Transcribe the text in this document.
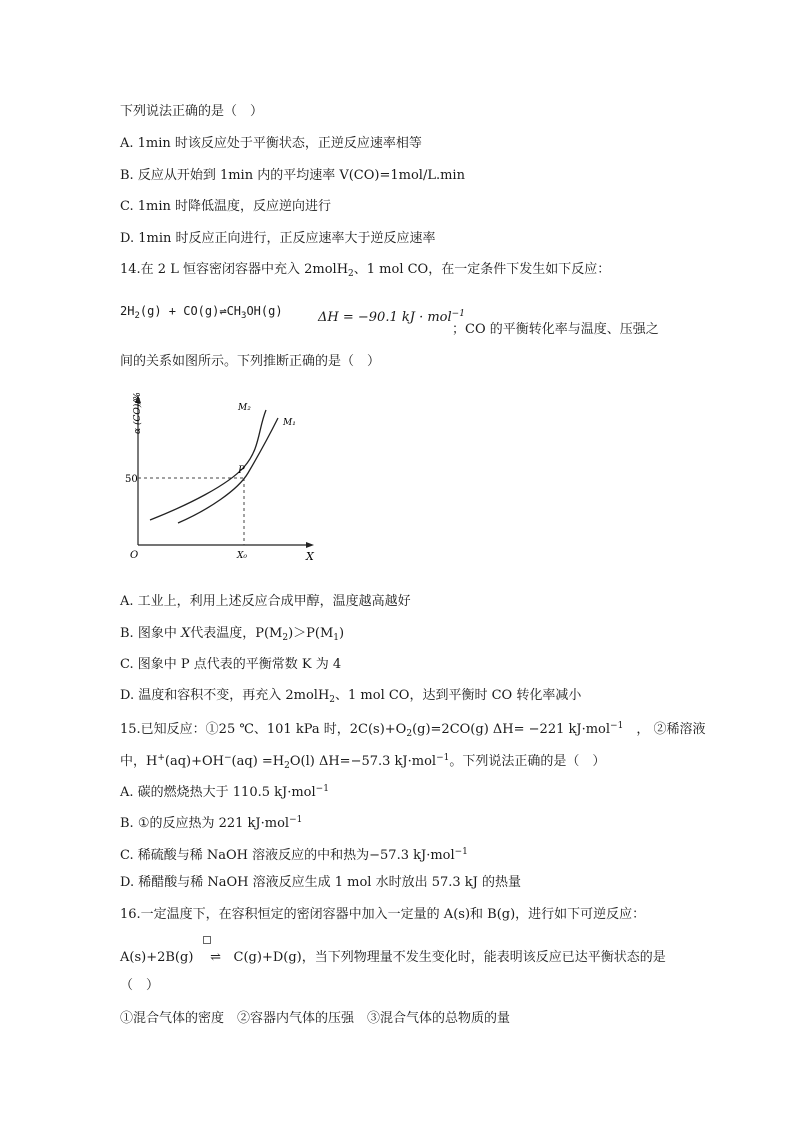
下列说法正确的是（　）
A. 1min 时该反应处于平衡状态，正逆反应速率相等
B. 反应从开始到 1min 内的平均速率 V(CO)=1mol/L.min
C. 1min 时降低温度，反应逆向进行
D. 1min 时反应正向进行，正反应速率大于逆反应速率
14.在 2 L 恒容密闭容器中充入 2molH$_2$、1 mol CO，在一定条件下发生如下反应：
$2H_2(g)$ + $CO(g)\rightleftharpoons CH_3OH(g)$	ΔH = −90.1 kJ · mol$^{-1}$
；CO 的平衡转化率与温度、压强之
间的关系如图所示。下列推断正确的是（　）
α (CO)/%
50
O	X
X₀
P
M₂
M₁
A. 工业上，利用上述反应合成甲醇，温度越高越好
B. 图象中 X代表温度，$P(M_2)>P(M_1)$
C. 图象中 P 点代表的平衡常数 K 为 4
D. 温度和容积不变，再充入 2molH$_2$、1 mol CO，达到平衡时 CO 转化率减小
15.已知反应：①25 ℃、101 kPa 时，$2C(s)+O_2(g)=2CO(g)$ ΔH= −221 kJ·mol$^{-1}$　， ②稀溶液
中，$H^+(aq)+OH^-(aq) =H_2O(l)$ ΔH=−57.3 kJ·mol$^{-1}$。下列说法正确的是（　）
A. 碳的燃烧热大于 110.5 kJ·mol$^{-1}$
B. ①的反应热为 221 kJ·mol$^{-1}$
C. 稀硫酸与稀 NaOH 溶液反应的中和热为−57.3 kJ·mol$^{-1}$
D. 稀醋酸与稀 NaOH 溶液反应生成 1 mol 水时放出 57.3 kJ 的热量
16.一定温度下，在容积恒定的密闭容器中加入一定量的 A(s)和 B(g)，进行如下可逆反应：
A(s)+2B(g) ⇌ C(g)+D(g)，当下列物理量不发生变化时，能表明该反应已达平衡状态的是
（　）
①混合气体的密度　②容器内气体的压强　③混合气体的总物质的量
